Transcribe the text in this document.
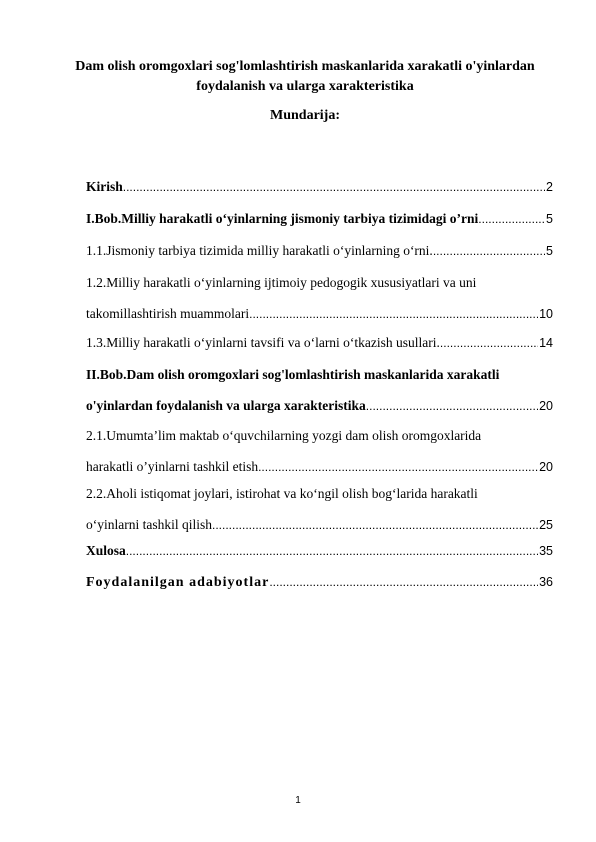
Dam olish oromgoxlari sog'lomlashtirish maskanlarida xarakatli o'yinlardan foydalanish va ularga xarakteristika
Mundarija:
Kirish .....	2
I.Bob.Milliy harakatli o‘yinlarning jismoniy tarbiya tizimidagi o’rni .....	5
1.1.Jismoniy tarbiya tizimida milliy harakatli o‘yinlarning o‘rni. .....	5
1.2.Milliy harakatli o‘yinlarning ijtimoiy pedogogik xususiyatlari va uni
takomillashtirish muammolari .....	10
1.3.Milliy harakatli o‘yinlarni tavsifi va o‘larni o‘tkazish usullari. .....	14
II.Bob.Dam olish oromgoxlari sog'lomlashtirish maskanlarida xarakatli
o'yinlardan foydalanish va ularga xarakteristika .....	20
2.1.Umumta’lim maktab o‘quvchilarning yozgi dam olish oromgoxlarida
harakatli o’yinlarni tashkil etish .....	20
2.2.Aholi istiqomat joylari, istirohat va ko‘ngil olish bog‘larida harakatli
o‘yinlarni tashkil qilish .....	25
Xulosa .....	35
Foydalanilgan adabiyotlar .....	36
1
